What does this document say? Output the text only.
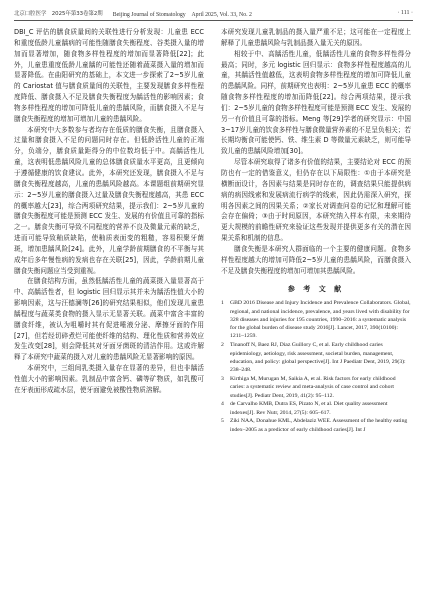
北京口腔医学　2025年第33卷第2期 Beijing Journal of Stomatology　April 2025, Vol. 33, No. 2	· 111 ·

DBI_C 评估的膳食质量间的关联性进行分析发现：儿童患 ECC 和重度低龄儿童龋病的可能性随膳食失衡程度、谷类摄入量的增加而显著增加，随食物多样性程度的增加而显著降低[22]；此外，儿童患重度低龄儿童龋的可能性还随着蔬菜摄入量的增加而显著降低。在曲阳研究的基础上，本文进一步探索了2~5岁儿童的 Cariostat 值与膳食质量间的关联性，主要发现膳食多样性程度降低、膳食摄入不足及膳食失衡程度为龋活性的影响因素；食物多样性程度的增加可降低儿童的患龋风险，而膳食摄入不足与膳食失衡程度的增加可增加儿童的患龋风险。

本研究中大多数参与者均存在低质的膳食失衡，且膳食摄入过量和膳食摄入不足的问题同时存在。但低龄活性儿童的正端分，负端分，膳食质量距得分的中位数均低于中。高龋活性儿童，这表明低患龋风险儿童的总体膳食质量水平更高，且更倾向于遵循健康的饮食建议。此外，本研究还发现，膳食摄入不足与膳食失衡程度越高，儿童的患龋风险越高。本课题组前期研究显示：2~5岁儿童的膳食摄入过量及膳食失衡程度越高，其患 ECC 的概率越大[23]，综合两项研究结果，提示我们：2~5岁儿童的膳食失衡程度可能是预测 ECC 发生、发展的有价值且可靠的指标之一。膳食失衡可导致不同程度的营养不良及微量元素的缺乏，进而可能导致釉质缺陷，使釉质表面变的粗糙，容易积聚牙菌斑，增加患龋风险[24]。此外，儿童学龄前期膳食的不平衡与其成年后多年慢性病的发病也存在关联[25]，因此，学龄前期儿童膳食失衡问题应当受到重视。

在膳食结构方面，虽然低龋活性儿童的蔬菜摄入量显著高于中、高龋活性者，但 logistic 回归显示其并未为龋活性值大小的影响因素，这与汪德澜等[26]的研究结果相似，他们发现儿童患龋程度与蔬菜类食物的摄入显示无显著关联。蔬菜中富含丰富的膳食纤维，被认为咀嚼时其有促进唾液分泌、摩擦牙面的作用[27]，但若经切碎煮烂可能使纤维的结构、理化性质和营养效应发生改变[28]，则会降低其对牙面牙菌斑的清洁作用。这或许解释了本研究中蔬菜的摄入对儿童的患龋风险无显著影响的原因。

本研究中，三组间乳类摄入量存在显著的差异，但也非龋活性值大小的影响因素。乳制品中富含钙、磷等矿物质，如乳酸可在牙表面形成疏水层，使牙面避免被酸性物质溶解。

本研究发现儿童乳制品的摄入量严重不足；这可能在一定程度上解释了儿童患龋风险与乳制品摄入量无关的原因。

相较于中、高龋活性儿童，低龋活性儿童的食物多样性得分最高；同时，多元 logistic 回归显示：食物多样性程度越高的儿童，其龋活性值越低，这表明食物多样性程度的增加可降低儿童的患龋风险。同样，前期研究也表明：2~5岁儿童患 ECC 的概率随食物多样性程度的增加而降低[22]。综合两项结果，提示我们：2~5岁儿童的食物多样性程度可能是预测 ECC 发生、发展的另一有价值且可靠的指标。Meng 等[29]学者的研究显示：中国3~17岁儿童的饮食多样性与膳食微量营养素的不足呈负相关；若长期均衡食可能使钙、铁、维生素 D 等微量元素缺乏，则可能导致儿童的患龋风险增加[30]。

尽管本研究取得了诸多有价值的结果，主要结论对 ECC 的预防也有一定的借鉴意义，但仍存在以下局限性：①由于本研究是横断面设计，各因素与结果是同时存在的，调查结果只能提供病病的病因线索和发展病流行病学的线索，因此仍需深入研究，探明各因素之间的因果关系；②家长对调查问卷的记忆和理解可能会存在偏倚；③由于时间原因，本研究纳入样本有限，未来期待更大规模的前瞻性研究来验证这些发现并提供更多有关的潜在因果关系和机制的信息。

膳食失衡是本研究人群面临的一个主要的健康问题。食物多样性程度越大的增加可降低2~5岁儿童的患龋风险，而膳食摄入不足及膳食失衡程度的增加可增加其患龋风险。

参 考 文 献
1	GBD 2016 Disease and Injury Incidence and Prevalence Collaborators. Global, regional, and national incidence, prevalence, and years lived with disability for 328 diseases and injuries for 195 countries, 1990–2016: a systematic analysis for the global burden of disease study 2016[J]. Lancet, 2017, 390(10100): 1211–1259.
2	Tinanoff N, Baez RJ, Diaz Guillory C, et al. Early childhood caries epidemiology, aetiology, risk assessment, societal burden, management, education, and policy: global perspective[J]. Int J Paediatr Dent, 2019, 29(3): 238–248.
3	Kirthiga M, Murugan M, Saikia A, et al. Risk factors for early childhood caries: a systematic review and meta-analysis of case control and cohort studies[J]. Pediatr Dent, 2019, 41(2): 95–112.
4	de Carvalho KMB, Dutra ES, Pizato N, et al. Diet quality assessment indexes[J]. Rev Nutr, 2014, 27(5): 605–617.
5	Ziki NAA, Donahue KML, Abdelaziz WEE. Assessment of the healthy eating index–2005 as a predictor of early childhood caries[J]. Int J
